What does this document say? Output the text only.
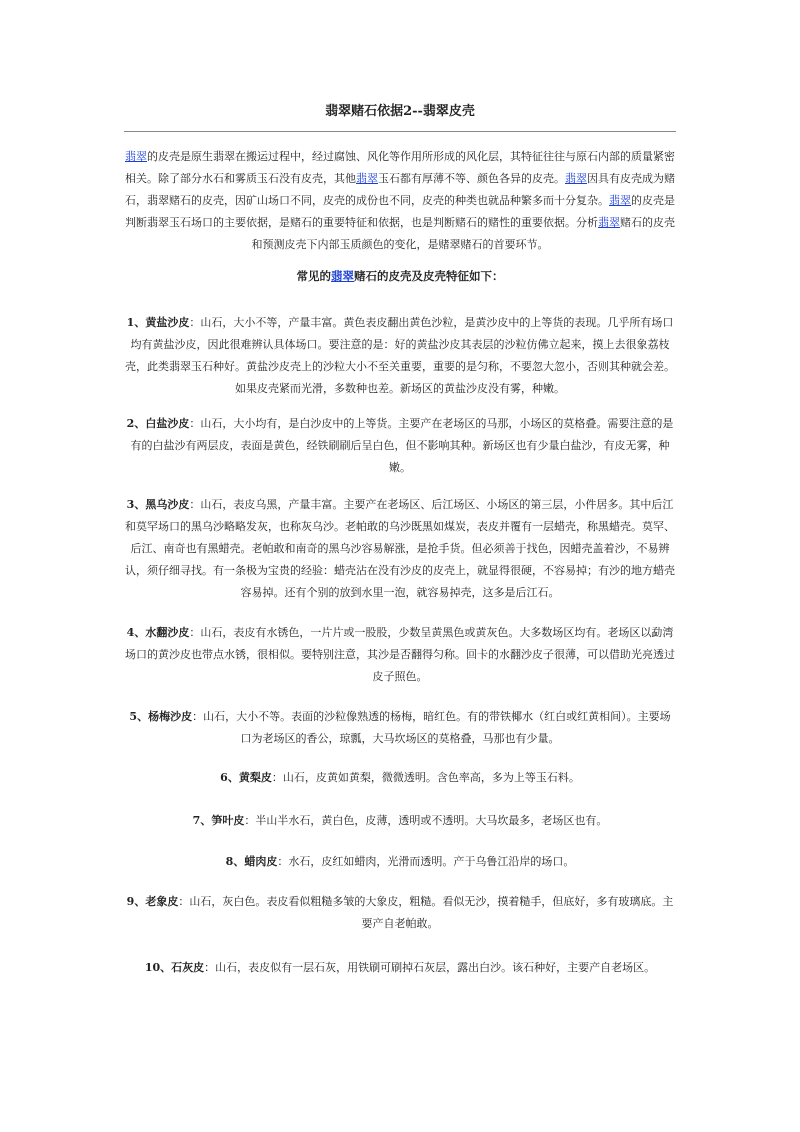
翡翠赌石依据2--翡翠皮壳
翡翠的皮壳是原生翡翠在搬运过程中，经过腐蚀、风化等作用所形成的风化层，其特征往往与原石内部的质量紧密相关。除了部分水石和雾质玉石没有皮壳，其他翡翠玉石都有厚薄不等、颜色各异的皮壳。翡翠因具有皮壳成为赌石，翡翠赌石的皮壳，因矿山场口不同，皮壳的成份也不同，皮壳的种类也就品种繁多而十分复杂。翡翠的皮壳是判断翡翠玉石场口的主要依据，是赌石的重要特征和依据，也是判断赌石的赌性的重要依据。分析翡翠赌石的皮壳和预测皮壳下内部玉质颜色的变化，是赌翠赌石的首要环节。
常见的翡翠赌石的皮壳及皮壳特征如下：
1、黄盐沙皮：山石，大小不等，产量丰富。黄色表皮翻出黄色沙粒，是黄沙皮中的上等货的表现。几乎所有场口均有黄盐沙皮，因此很难辨认具体场口。要注意的是：好的黄盐沙皮其表层的沙粒仿佛立起来，摸上去很象荔枝壳，此类翡翠玉石种好。黄盐沙皮壳上的沙粒大小不至关重要，重要的是匀称，不要忽大忽小，否则其种就会差。如果皮壳紧而光滑，多数种也差。新场区的黄盐沙皮没有雾，种嫩。
2、白盐沙皮：山石，大小均有，是白沙皮中的上等货。主要产在老场区的马那，小场区的莫格叠。需要注意的是有的白盐沙有两层皮，表面是黄色，经铁刷刷后呈白色，但不影响其种。新场区也有少量白盐沙，有皮无雾，种嫩。
3、黑乌沙皮：山石，表皮乌黑，产量丰富。主要产在老场区、后江场区、小场区的第三层，小件居多。其中后江和莫罕场口的黑乌沙略略发灰，也称灰乌沙。老帕敢的乌沙既黑如煤炭，表皮并覆有一层蜡壳，称黑蜡壳。莫罕、后江、南奇也有黑蜡壳。老帕敢和南奇的黑乌沙容易解涨，是抢手货。但必须善于找色，因蜡壳盖着沙，不易辨认，须仔细寻找。有一条极为宝贵的经验：蜡壳沾在没有沙皮的皮壳上，就显得很硬，不容易掉；有沙的地方蜡壳容易掉。还有个别的放到水里一泡，就容易掉壳，这多是后江石。
4、水翻沙皮：山石，表皮有水锈色，一片片或一股股，少数呈黄黑色或黄灰色。大多数场区均有。老场区以勐湾场口的黄沙皮也带点水锈，很相似。要特别注意，其沙是否翻得匀称。回卡的水翻沙皮子很薄，可以借助光亮透过皮子照色。
5、杨梅沙皮：山石，大小不等。表面的沙粒像熟透的杨梅，暗红色。有的带铁椰水（红白或红黄相间）。主要场口为老场区的香公，琼瓢，大马坎场区的莫格叠，马那也有少量。
6、黄梨皮：山石，皮黄如黄梨，微微透明。含色率高，多为上等玉石料。
7、笋叶皮：半山半水石，黄白色，皮薄，透明或不透明。大马坎最多，老场区也有。
8、蜡肉皮：水石，皮红如蜡肉，光滑而透明。产于乌鲁江沿岸的场口。
9、老象皮：山石，灰白色。表皮看似粗糙多皱的大象皮，粗糙。看似无沙，摸着糙手，但底好，多有玻璃底。主要产自老帕敢。
10、石灰皮：山石，表皮似有一层石灰，用铁刷可刷掉石灰层，露出白沙。该石种好，主要产自老场区。
